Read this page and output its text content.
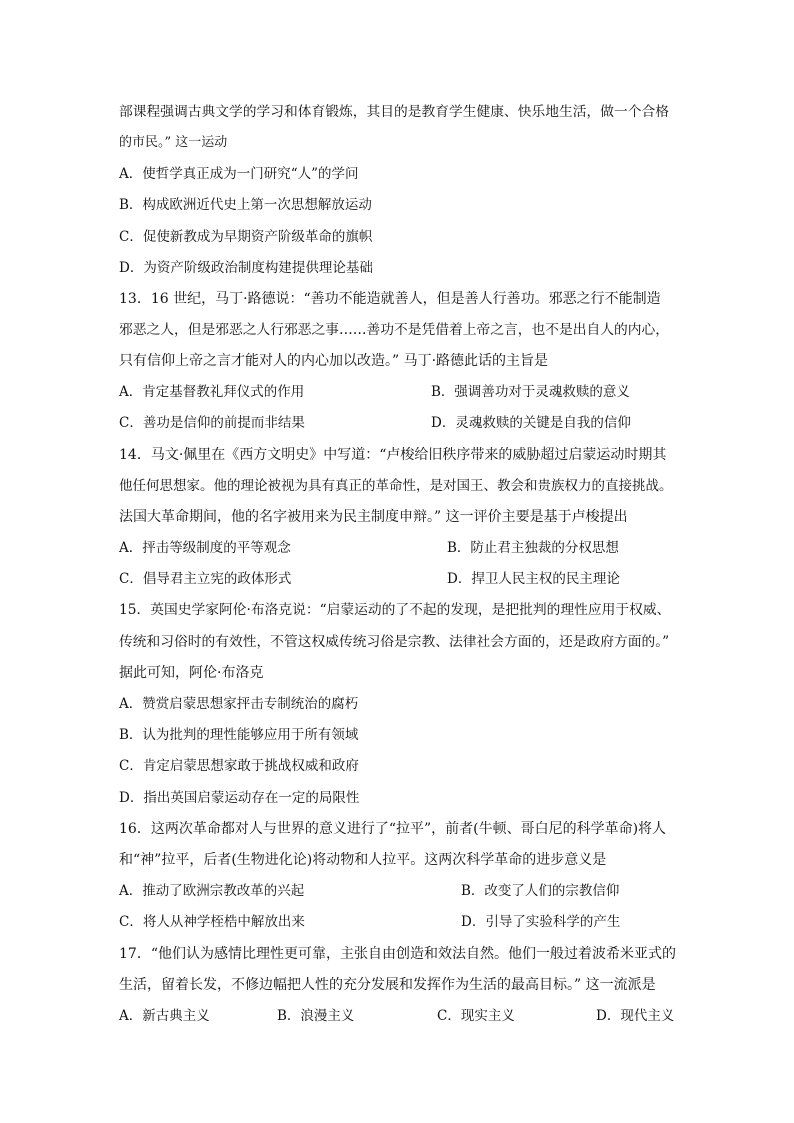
部课程强调古典文学的学习和体育锻炼，其目的是教育学生健康、快乐地生活，做一个合格
的市民。” 这一运动
A．使哲学真正成为一门研究“人”的学问
B．构成欧洲近代史上第一次思想解放运动
C．促使新教成为早期资产阶级革命的旗帜
D．为资产阶级政治制度构建提供理论基础
13．16 世纪，马丁·路德说：“善功不能造就善人，但是善人行善功。邪恶之行不能制造
邪恶之人，但是邪恶之人行邪恶之事……善功不是凭借着上帝之言，也不是出自人的内心，
只有信仰上帝之言才能对人的内心加以改造。” 马丁·路德此话的主旨是
A．肯定基督教礼拜仪式的作用	B．强调善功对于灵魂救赎的意义
C．善功是信仰的前提而非结果	D．灵魂救赎的关键是自我的信仰
14．马文·佩里在《西方文明史》中写道：“卢梭给旧秩序带来的威胁超过启蒙运动时期其
他任何思想家。他的理论被视为具有真正的革命性，是对国王、教会和贵族权力的直接挑战。
法国大革命期间，他的名字被用来为民主制度申辩。” 这一评价主要是基于卢梭提出
A．抨击等级制度的平等观念	B．防止君主独裁的分权思想
C．倡导君主立宪的政体形式	D．捍卫人民主权的民主理论
15．英国史学家阿伦·布洛克说：“启蒙运动的了不起的发现，是把批判的理性应用于权威、
传统和习俗时的有效性，不管这权威传统习俗是宗教、法律社会方面的，还是政府方面的。”
据此可知，阿伦·布洛克
A．赞赏启蒙思想家抨击专制统治的腐朽
B．认为批判的理性能够应用于所有领域
C．肯定启蒙思想家敢于挑战权威和政府
D．指出英国启蒙运动存在一定的局限性
16．这两次革命都对人与世界的意义进行了“拉平”，前者(牛顿、哥白尼的科学革命)将人
和“神”拉平，后者(生物进化论)将动物和人拉平。这两次科学革命的进步意义是
A．推动了欧洲宗教改革的兴起	B．改变了人们的宗教信仰
C．将人从神学桎梏中解放出来	D．引导了实验科学的产生
17．“他们认为感情比理性更可靠，主张自由创造和效法自然。他们一般过着波希米亚式的
生活，留着长发，不修边幅把人性的充分发展和发挥作为生活的最高目标。” 这一流派是
A．新古典主义	B．浪漫主义	C．现实主义	D．现代主义
